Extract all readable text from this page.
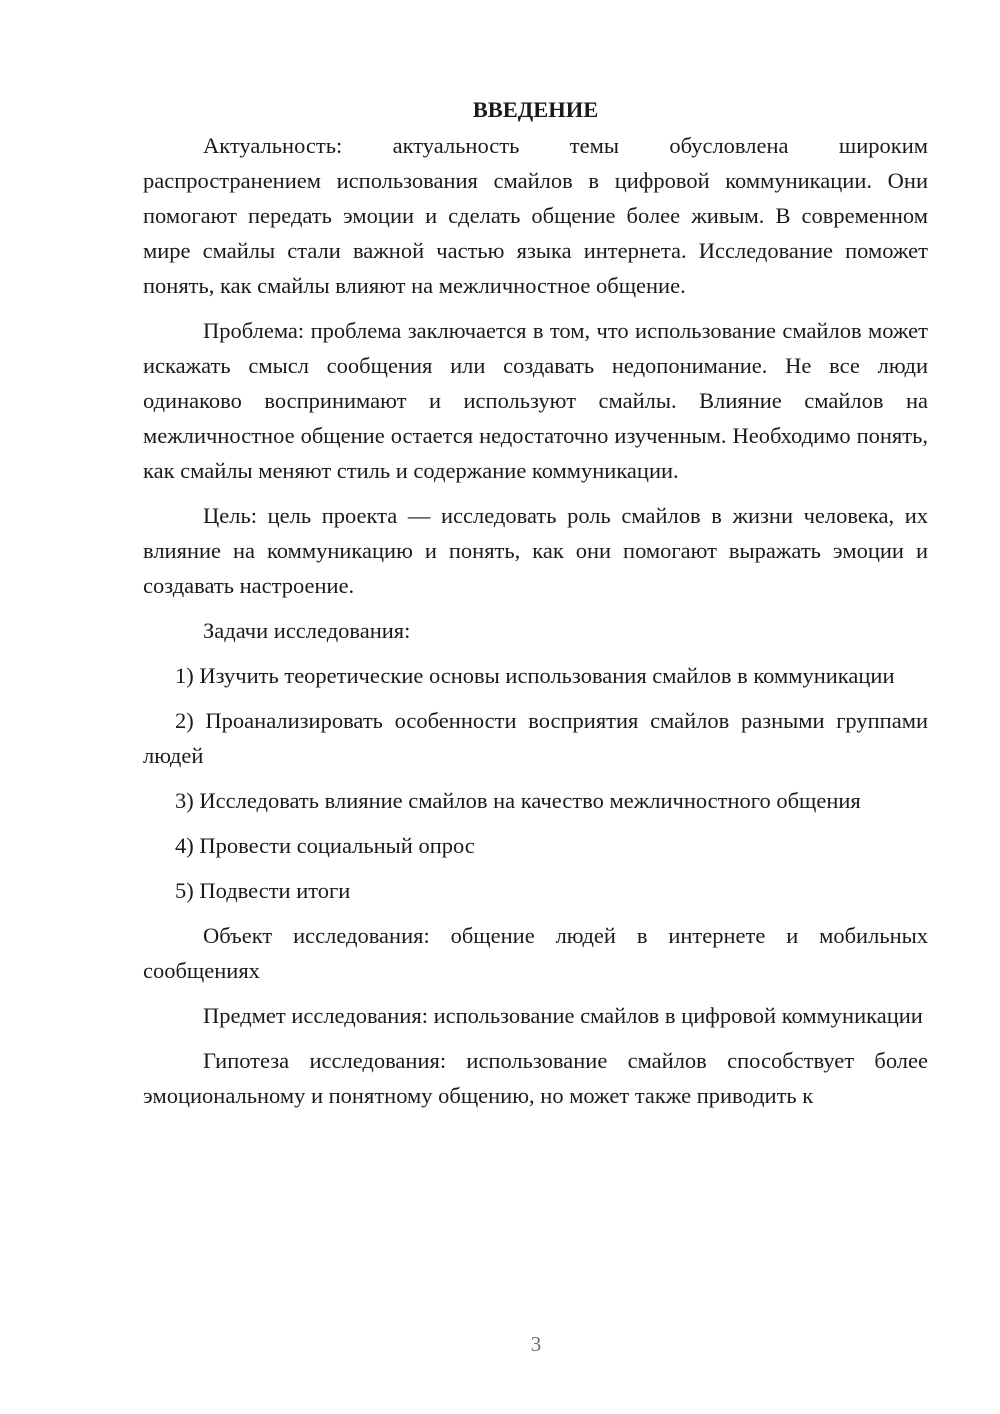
ВВЕДЕНИЕ

Актуальность: актуальность темы обусловлена широким распространением использования смайлов в цифровой коммуникации. Они помогают передать эмоции и сделать общение более живым. В современном мире смайлы стали важной частью языка интернета. Исследование поможет понять, как смайлы влияют на межличностное общение.

Проблема: проблема заключается в том, что использование смайлов может искажать смысл сообщения или создавать недопонимание. Не все люди одинаково воспринимают и используют смайлы. Влияние смайлов на межличностное общение остается недостаточно изученным. Необходимо понять, как смайлы меняют стиль и содержание коммуникации.

Цель: цель проекта — исследовать роль смайлов в жизни человека, их влияние на коммуникацию и понять, как они помогают выражать эмоции и создавать настроение.

Задачи исследования:

1) Изучить теоретические основы использования смайлов в коммуникации

2) Проанализировать особенности восприятия смайлов разными группами людей

3) Исследовать влияние смайлов на качество межличностного общения

4) Провести социальный опрос

5) Подвести итоги

Объект исследования: общение людей в интернете и мобильных сообщениях

Предмет исследования: использование смайлов в цифровой коммуникации

Гипотеза исследования: использование смайлов способствует более эмоциональному и понятному общению, но может также приводить к

3
